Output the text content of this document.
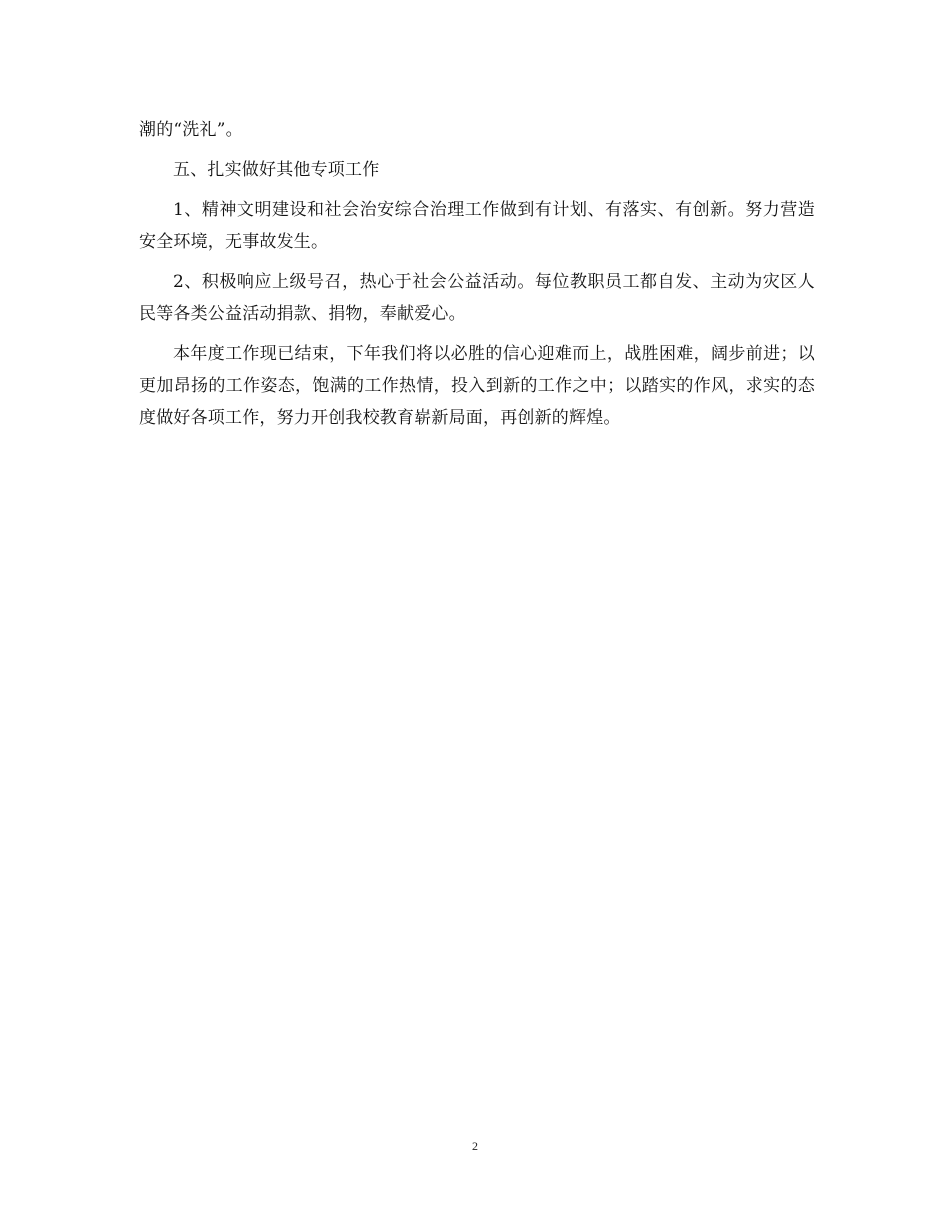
潮的“洗礼”。

五、扎实做好其他专项工作

1、精神文明建设和社会治安综合治理工作做到有计划、有落实、有创新。努力营造安全环境，无事故发生。

2、积极响应上级号召，热心于社会公益活动。每位教职员工都自发、主动为灾区人民等各类公益活动捐款、捐物，奉献爱心。

本年度工作现已结束，下年我们将以必胜的信心迎难而上，战胜困难，阔步前进；以更加昂扬的工作姿态，饱满的工作热情，投入到新的工作之中；以踏实的作风，求实的态度做好各项工作，努力开创我校教育崭新局面，再创新的辉煌。

2
